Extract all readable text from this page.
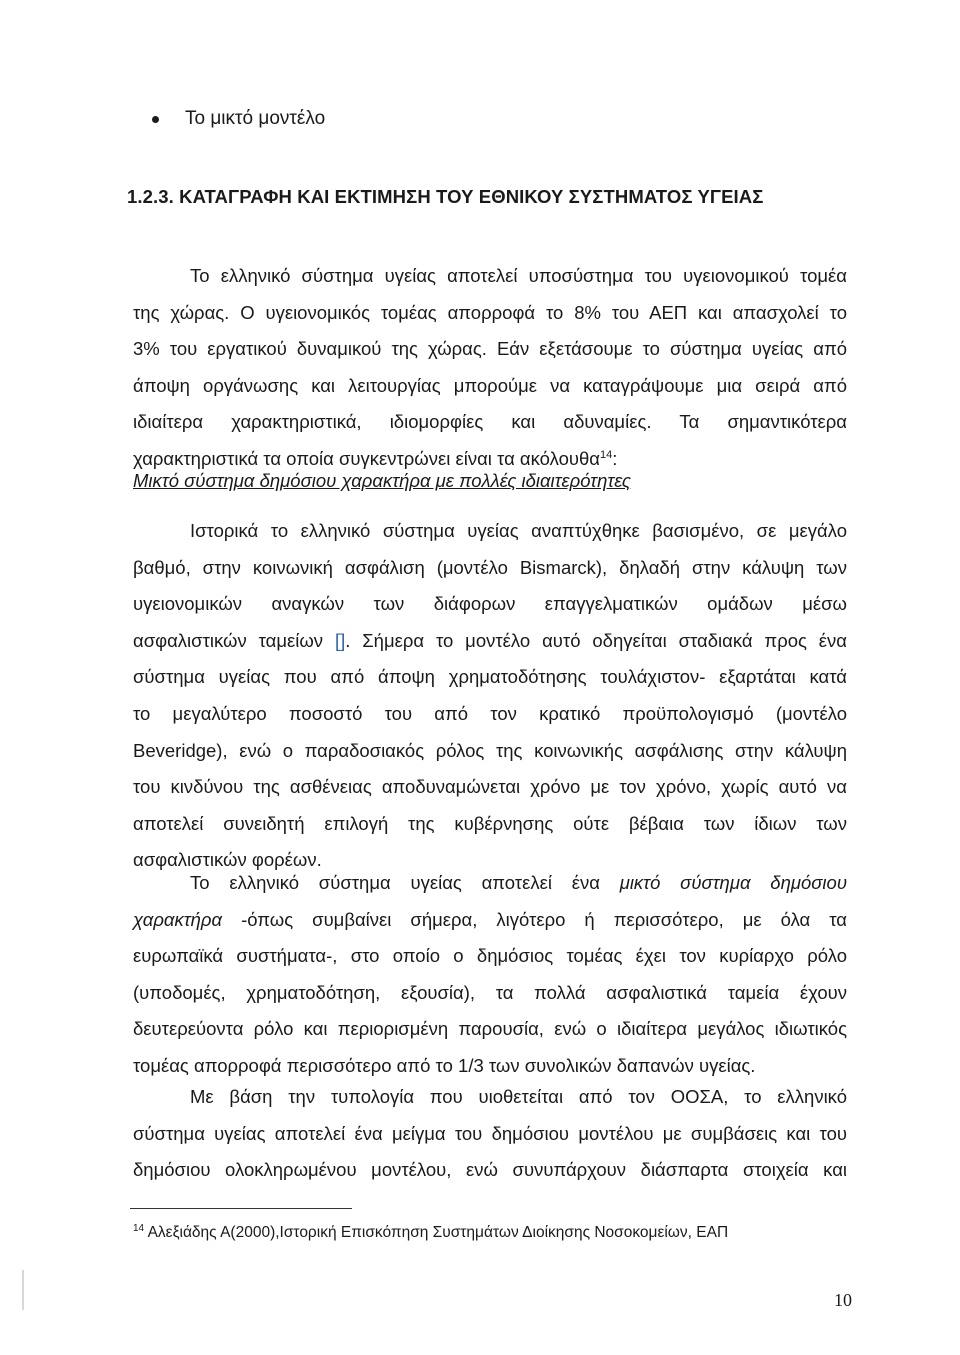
Το μικτό μοντέλο
1.2.3. ΚΑΤΑΓΡΑΦΗ ΚΑΙ ΕΚΤΙΜΗΣΗ ΤΟΥ ΕΘΝΙΚΟΥ ΣΥΣΤΗΜΑΤΟΣ ΥΓΕΙΑΣ
Το ελληνικό σύστημα υγείας αποτελεί υποσύστημα του υγειονομικού τομέα
της χώρας. Ο υγειονομικός τομέας απορροφά το 8% του ΑΕΠ και απασχολεί το
3% του εργατικού δυναμικού της χώρας. Εάν εξετάσουμε το σύστημα υγείας από
άποψη οργάνωσης και λειτουργίας μπορούμε να καταγράψουμε μια σειρά από
ιδιαίτερα χαρακτηριστικά, ιδιομορφίες και αδυναμίες. Τα σημαντικότερα
χαρακτηριστικά τα οποία συγκεντρώνει είναι τα ακόλουθα$^{14}$:
Μικτό σύστημα δημόσιου χαρακτήρα με πολλές ιδιαιτερότητες
Ιστορικά το ελληνικό σύστημα υγείας αναπτύχθηκε βασισμένο, σε μεγάλο
βαθμό, στην κοινωνική ασφάλιση (μοντέλο Bismarck), δηλαδή στην κάλυψη των
υγειονομικών αναγκών των διάφορων επαγγελματικών ομάδων μέσω
ασφαλιστικών ταμείων []. Σήμερα το μοντέλο αυτό οδηγείται σταδιακά προς ένα
σύστημα υγείας που από άποψη χρηματοδότησης τουλάχιστον- εξαρτάται κατά
το μεγαλύτερο ποσοστό του από τον κρατικό προϋπολογισμό (μοντέλο
Beveridge), ενώ ο παραδοσιακός ρόλος της κοινωνικής ασφάλισης στην κάλυψη
του κινδύνου της ασθένειας αποδυναμώνεται χρόνο με τον χρόνο, χωρίς αυτό να
αποτελεί συνειδητή επιλογή της κυβέρνησης ούτε βέβαια των ίδιων των
ασφαλιστικών φορέων.
Το ελληνικό σύστημα υγείας αποτελεί ένα μικτό σύστημα δημόσιου
χαρακτήρα -όπως συμβαίνει σήμερα, λιγότερο ή περισσότερο, με όλα τα
ευρωπαϊκά συστήματα-, στο οποίο ο δημόσιος τομέας έχει τον κυρίαρχο ρόλο
(υποδομές, χρηματοδότηση, εξουσία), τα πολλά ασφαλιστικά ταμεία έχουν
δευτερεύοντα ρόλο και περιορισμένη παρουσία, ενώ ο ιδιαίτερα μεγάλος ιδιωτικός
τομέας απορροφά περισσότερο από το 1/3 των συνολικών δαπανών υγείας.
Με βάση την τυπολογία που υιοθετείται από τον ΟΟΣΑ, το ελληνικό
σύστημα υγείας αποτελεί ένα μείγμα του δημόσιου μοντέλου με συμβάσεις και του
δημόσιου ολοκληρωμένου μοντέλου, ενώ συνυπάρχουν διάσπαρτα στοιχεία και
$^{14}$ Αλεξιάδης Α(2000),Ιστορική Επισκόπηση Συστημάτων Διοίκησης Νοσοκομείων, ΕΑΠ
10
